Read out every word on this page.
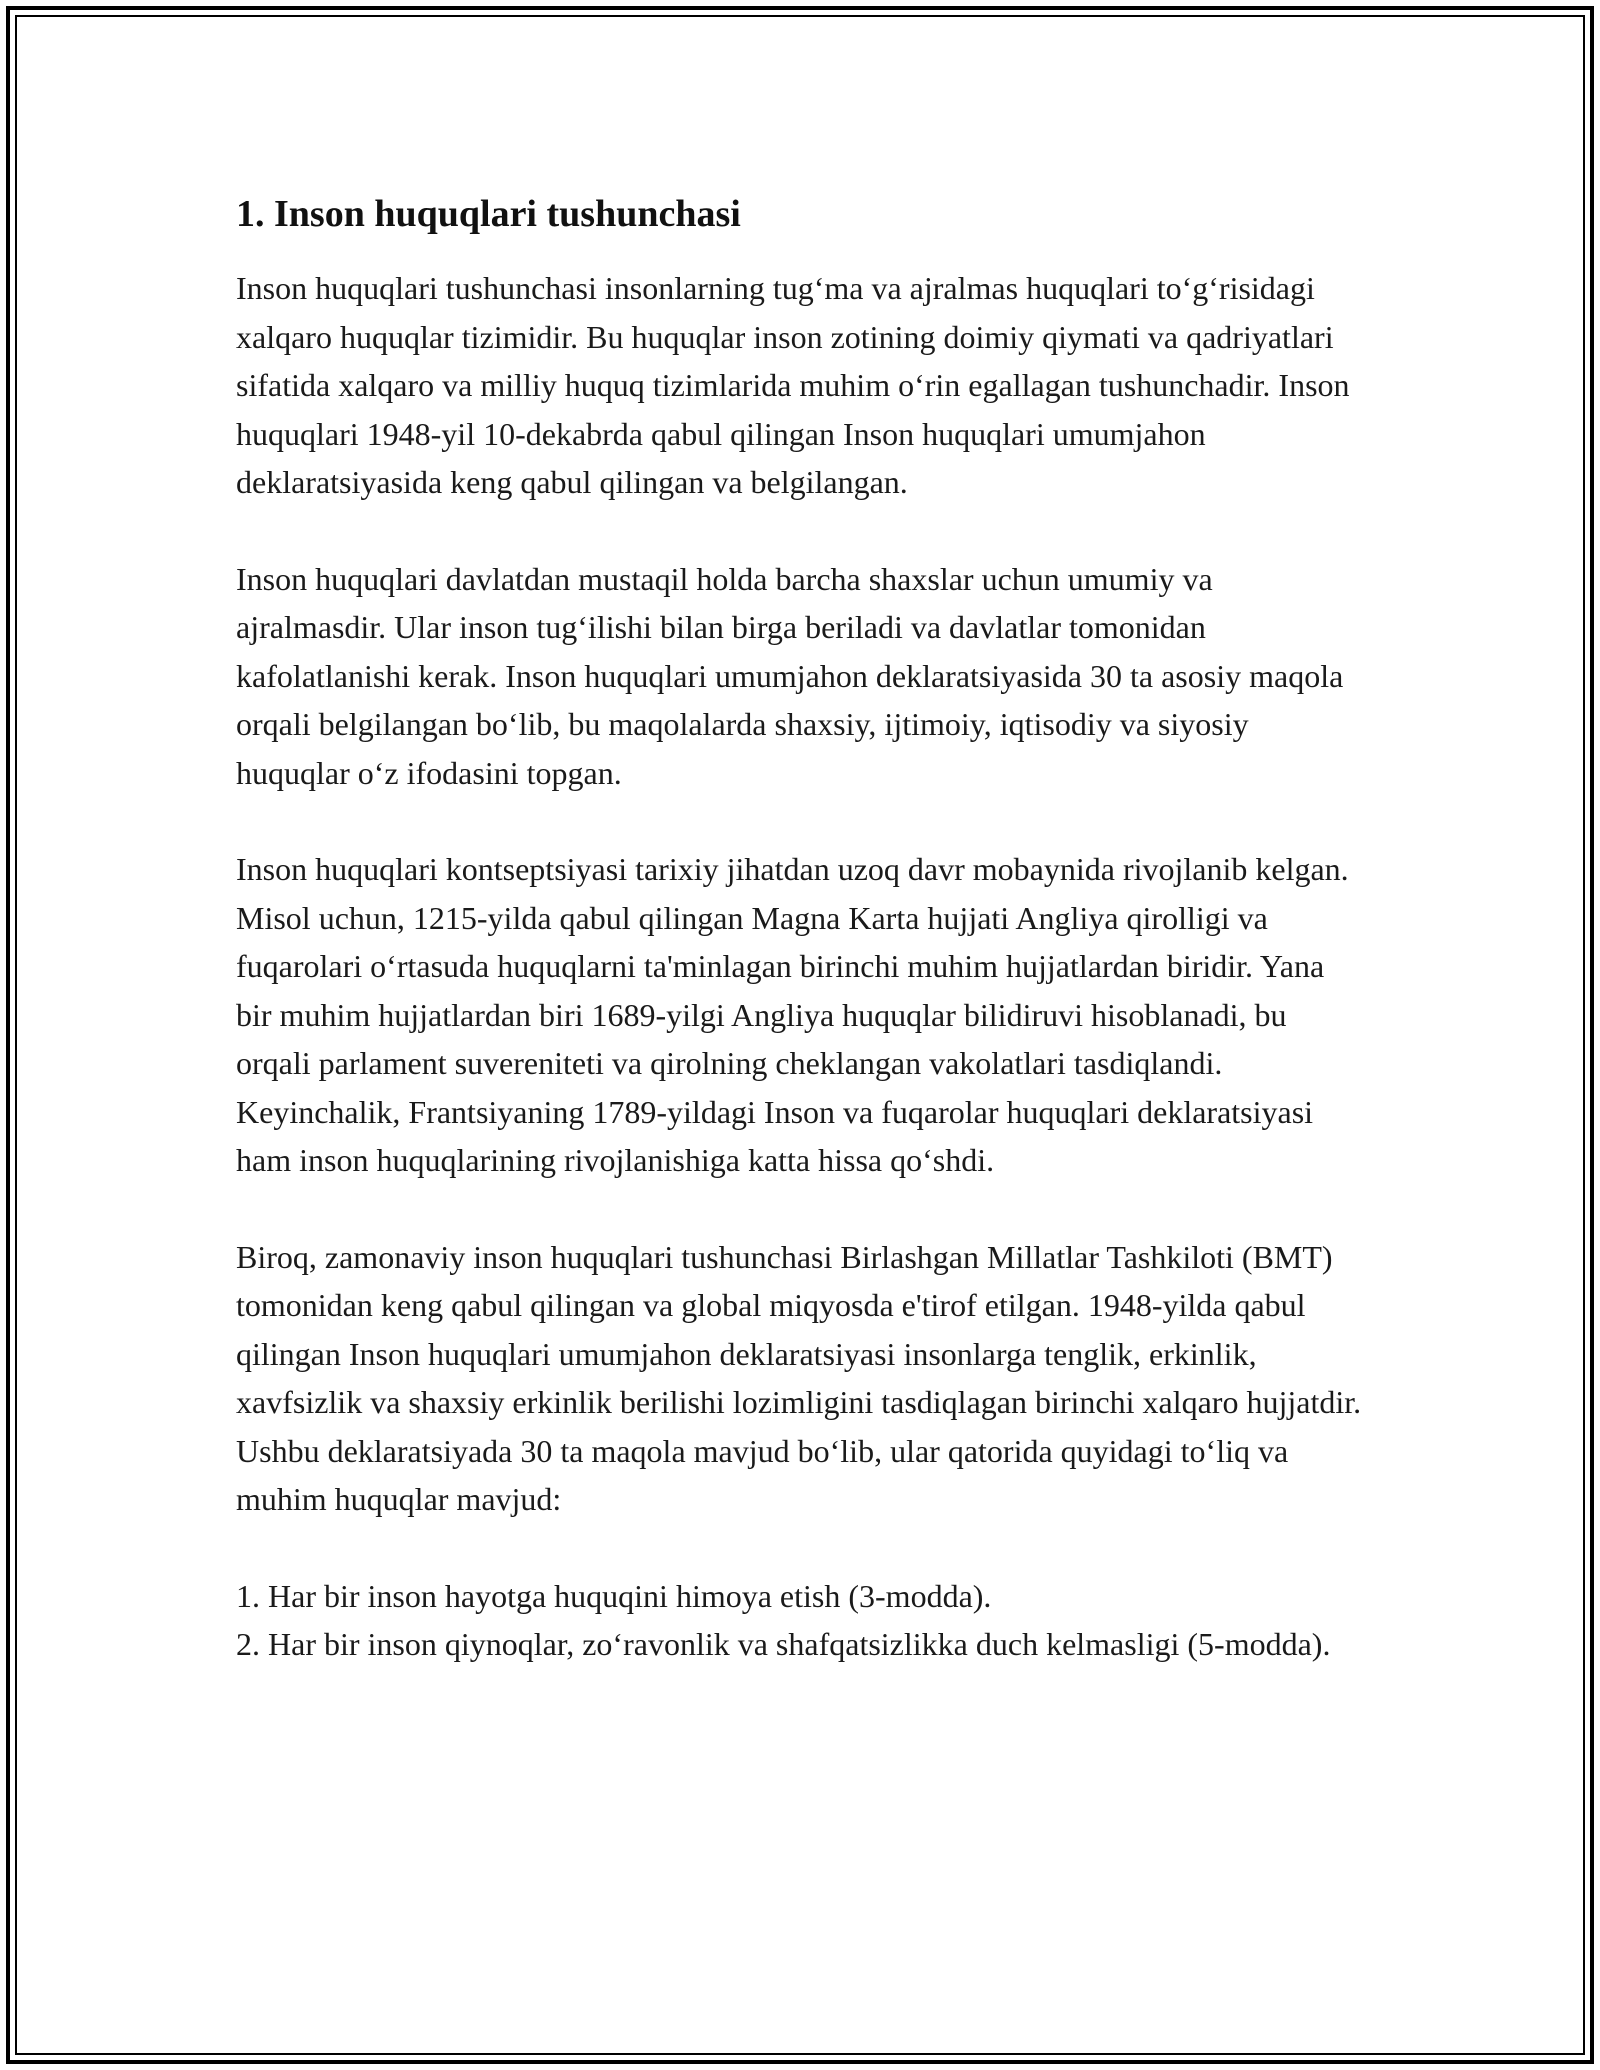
1. Inson huquqlari tushunchasi

Inson huquqlari tushunchasi insonlarning tug‘ma va ajralmas huquqlari to‘g‘risidagi xalqaro huquqlar tizimidir. Bu huquqlar inson zotining doimiy qiymati va qadriyatlari sifatida xalqaro va milliy huquq tizimlarida muhim o‘rin egallagan tushunchadir. Inson huquqlari 1948-yil 10-dekabrda qabul qilingan Inson huquqlari umumjahon deklaratsiyasida keng qabul qilingan va belgilangan.

Inson huquqlari davlatdan mustaqil holda barcha shaxslar uchun umumiy va ajralmasdir. Ular inson tug‘ilishi bilan birga beriladi va davlatlar tomonidan kafolatlanishi kerak. Inson huquqlari umumjahon deklaratsiyasida 30 ta asosiy maqola orqali belgilangan bo‘lib, bu maqolalarda shaxsiy, ijtimoiy, iqtisodiy va siyosiy huquqlar o‘z ifodasini topgan.

Inson huquqlari kontseptsiyasi tarixiy jihatdan uzoq davr mobaynida rivojlanib kelgan. Misol uchun, 1215-yilda qabul qilingan Magna Karta hujjati Angliya qirolligi va fuqarolari o‘rtasuda huquqlarni ta'minlagan birinchi muhim hujjatlardan biridir. Yana bir muhim hujjatlardan biri 1689-yilgi Angliya huquqlar bilidiruvi hisoblanadi, bu orqali parlament suvereniteti va qirolning cheklangan vakolatlari tasdiqlandi. Keyinchalik, Frantsiyaning 1789-yildagi Inson va fuqarolar huquqlari deklaratsiyasi ham inson huquqlarining rivojlanishiga katta hissa qo‘shdi.

Biroq, zamonaviy inson huquqlari tushunchasi Birlashgan Millatlar Tashkiloti (BMT) tomonidan keng qabul qilingan va global miqyosda e'tirof etilgan. 1948-yilda qabul qilingan Inson huquqlari umumjahon deklaratsiyasi insonlarga tenglik, erkinlik, xavfsizlik va shaxsiy erkinlik berilishi lozimligini tasdiqlagan birinchi xalqaro hujjatdir. Ushbu deklaratsiyada 30 ta maqola mavjud bo‘lib, ular qatorida quyidagi to‘liq va muhim huquqlar mavjud:

1. Har bir inson hayotga huquqini himoya etish (3-modda).
2. Har bir inson qiynoqlar, zo‘ravonlik va shafqatsizlikka duch kelmasligi (5-modda).
